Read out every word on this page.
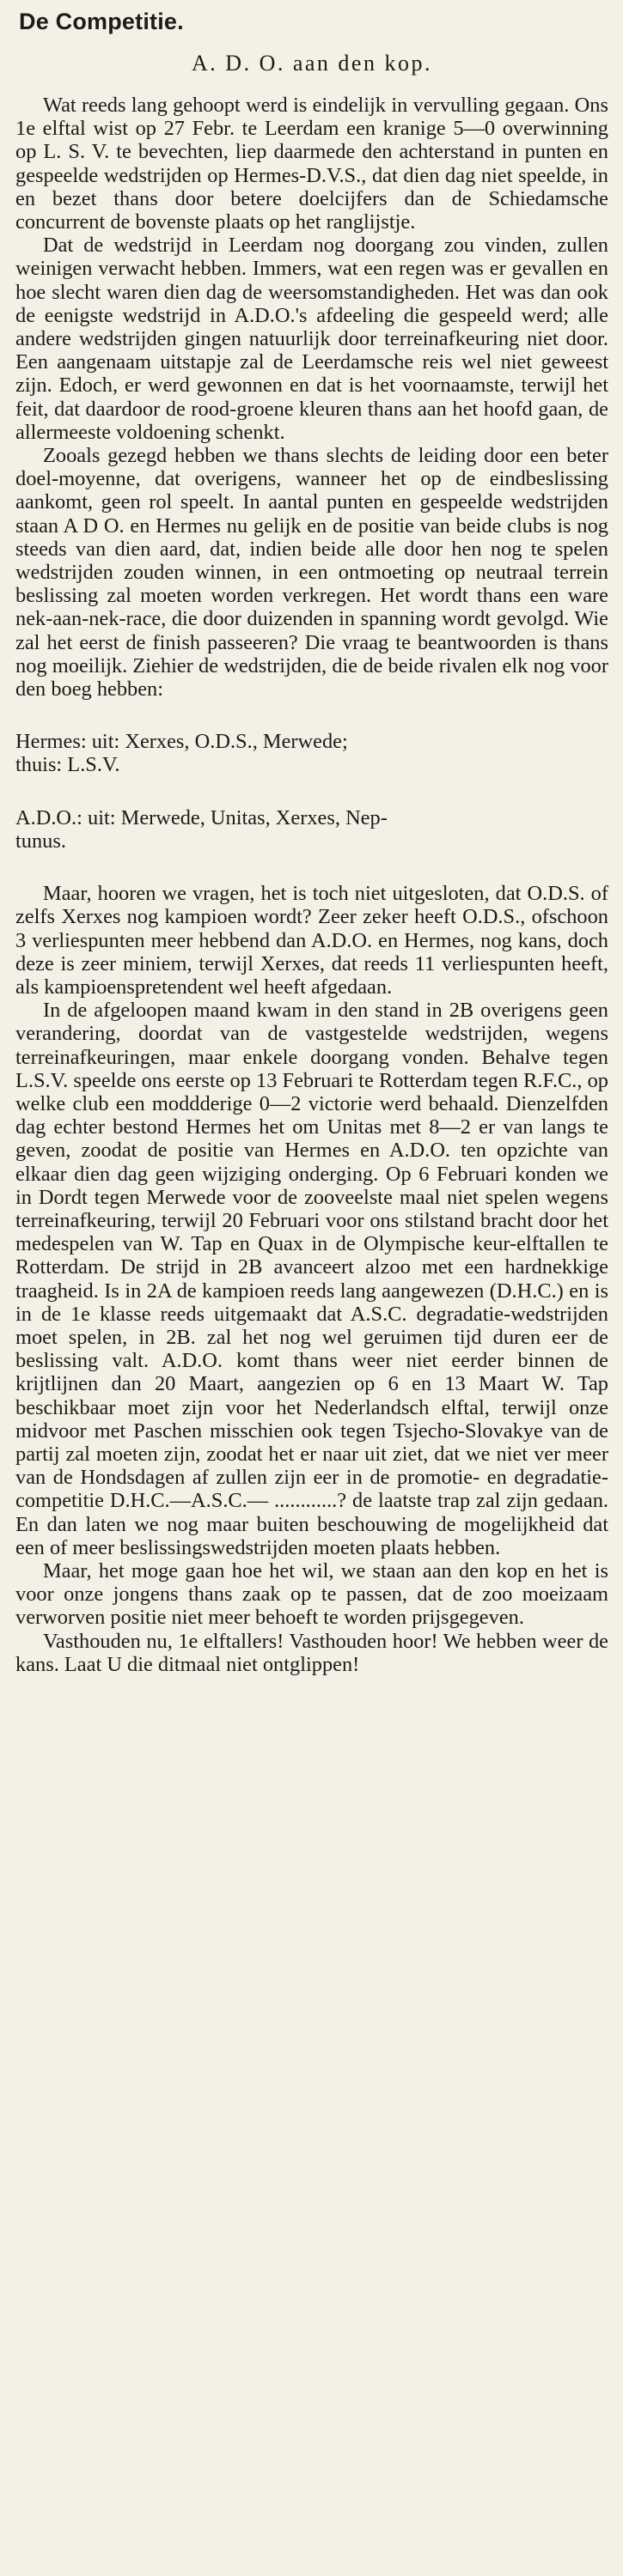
De Competitie.
A. D. O. aan den kop.

Wat reeds lang gehoopt werd is eindelijk in vervulling gegaan. Ons 1e elftal wist op 27 Febr. te Leerdam een kranige 5—0 overwinning op L. S. V. te bevechten, liep daarmede den achterstand in punten en gespeelde wedstrijden op Hermes-D.V.S., dat dien dag niet speelde, in en bezet thans door betere doelcijfers dan de Schiedamsche concurrent de bovenste plaats op het ranglijstje.

Dat de wedstrijd in Leerdam nog doorgang zou vinden, zullen weinigen verwacht hebben. Immers, wat een regen was er gevallen en hoe slecht waren dien dag de weersomstandigheden. Het was dan ook de eenigste wedstrijd in A.D.O.'s afdeeling die gespeeld werd; alle andere wedstrijden gingen natuurlijk door terreinafkeuring niet door. Een aangenaam uitstapje zal de Leerdamsche reis wel niet geweest zijn. Edoch, er werd gewonnen en dat is het voornaamste, terwijl het feit, dat daardoor de rood-groene kleuren thans aan het hoofd gaan, de allermeeste voldoening schenkt.

Zooals gezegd hebben we thans slechts de leiding door een beter doel-moyenne, dat overigens, wanneer het op de eindbeslissing aankomt, geen rol speelt. In aantal punten en gespeelde wedstrijden staan A D O. en Hermes nu gelijk en de positie van beide clubs is nog steeds van dien aard, dat, indien beide alle door hen nog te spelen wedstrijden zouden winnen, in een ontmoeting op neutraal terrein beslissing zal moeten worden verkregen. Het wordt thans een ware nek-aan-nek-race, die door duizenden in spanning wordt gevolgd. Wie zal het eerst de finish passeeren? Die vraag te beantwoorden is thans nog moeilijk. Ziehier de wedstrijden, die de beide rivalen elk nog voor den boeg hebben:

Hermes: uit: Xerxes, O.D.S., Merwede;

thuis: L.S.V.

A.D.O.: uit: Merwede, Unitas, Xerxes, Nep-

tunus.

Maar, hooren we vragen, het is toch niet uitgesloten, dat O.D.S. of zelfs Xerxes nog kampioen wordt? Zeer zeker heeft O.D.S., ofschoon 3 verliespunten meer hebbend dan A.D.O. en Hermes, nog kans, doch deze is zeer miniem, terwijl Xerxes, dat reeds 11 verliespunten heeft, als kampioenspretendent wel heeft afgedaan.

In de afgeloopen maand kwam in den stand in 2B overigens geen verandering, doordat van de vastgestelde wedstrijden, wegens terreinafkeuringen, maar enkele doorgang vonden. Behalve tegen L.S.V. speelde ons eerste op 13 Februari te Rotterdam tegen R.F.C., op welke club een moddderige 0—2 victorie werd behaald. Dienzelfden dag echter bestond Hermes het om Unitas met 8—2 er van langs te geven, zoodat de positie van Hermes en A.D.O. ten opzichte van elkaar dien dag geen wijziging onderging. Op 6 Februari konden we in Dordt tegen Merwede voor de zooveelste maal niet spelen wegens terreinafkeuring, terwijl 20 Februari voor ons stilstand bracht door het medespelen van W. Tap en Quax in de Olympische keur-elftallen te Rotterdam. De strijd in 2B avanceert alzoo met een hardnekkige traagheid. Is in 2A de kampioen reeds lang aangewezen (D.H.C.) en is in de 1e klasse reeds uitgemaakt dat A.S.C. degradatie-wedstrijden moet spelen, in 2B. zal het nog wel geruimen tijd duren eer de beslissing valt. A.D.O. komt thans weer niet eerder binnen de krijtlijnen dan 20 Maart, aangezien op 6 en 13 Maart W. Tap beschikbaar moet zijn voor het Nederlandsch elftal, terwijl onze midvoor met Paschen misschien ook tegen Tsjecho-Slovakye van de partij zal moeten zijn, zoodat het er naar uit ziet, dat we niet ver meer van de Hondsdagen af zullen zijn eer in de promotie- en degradatie-competitie D.H.C.—A.S.C.— ............? de laatste trap zal zijn gedaan. En dan laten we nog maar buiten beschouwing de mogelijkheid dat een of meer beslissingswedstrijden moeten plaats hebben.

Maar, het moge gaan hoe het wil, we staan aan den kop en het is voor onze jongens thans zaak op te passen, dat de zoo moeizaam verworven positie niet meer behoeft te worden prijsgegeven.

Vasthouden nu, 1e elftallers! Vasthouden hoor! We hebben weer de kans. Laat U die ditmaal niet ontglippen!
